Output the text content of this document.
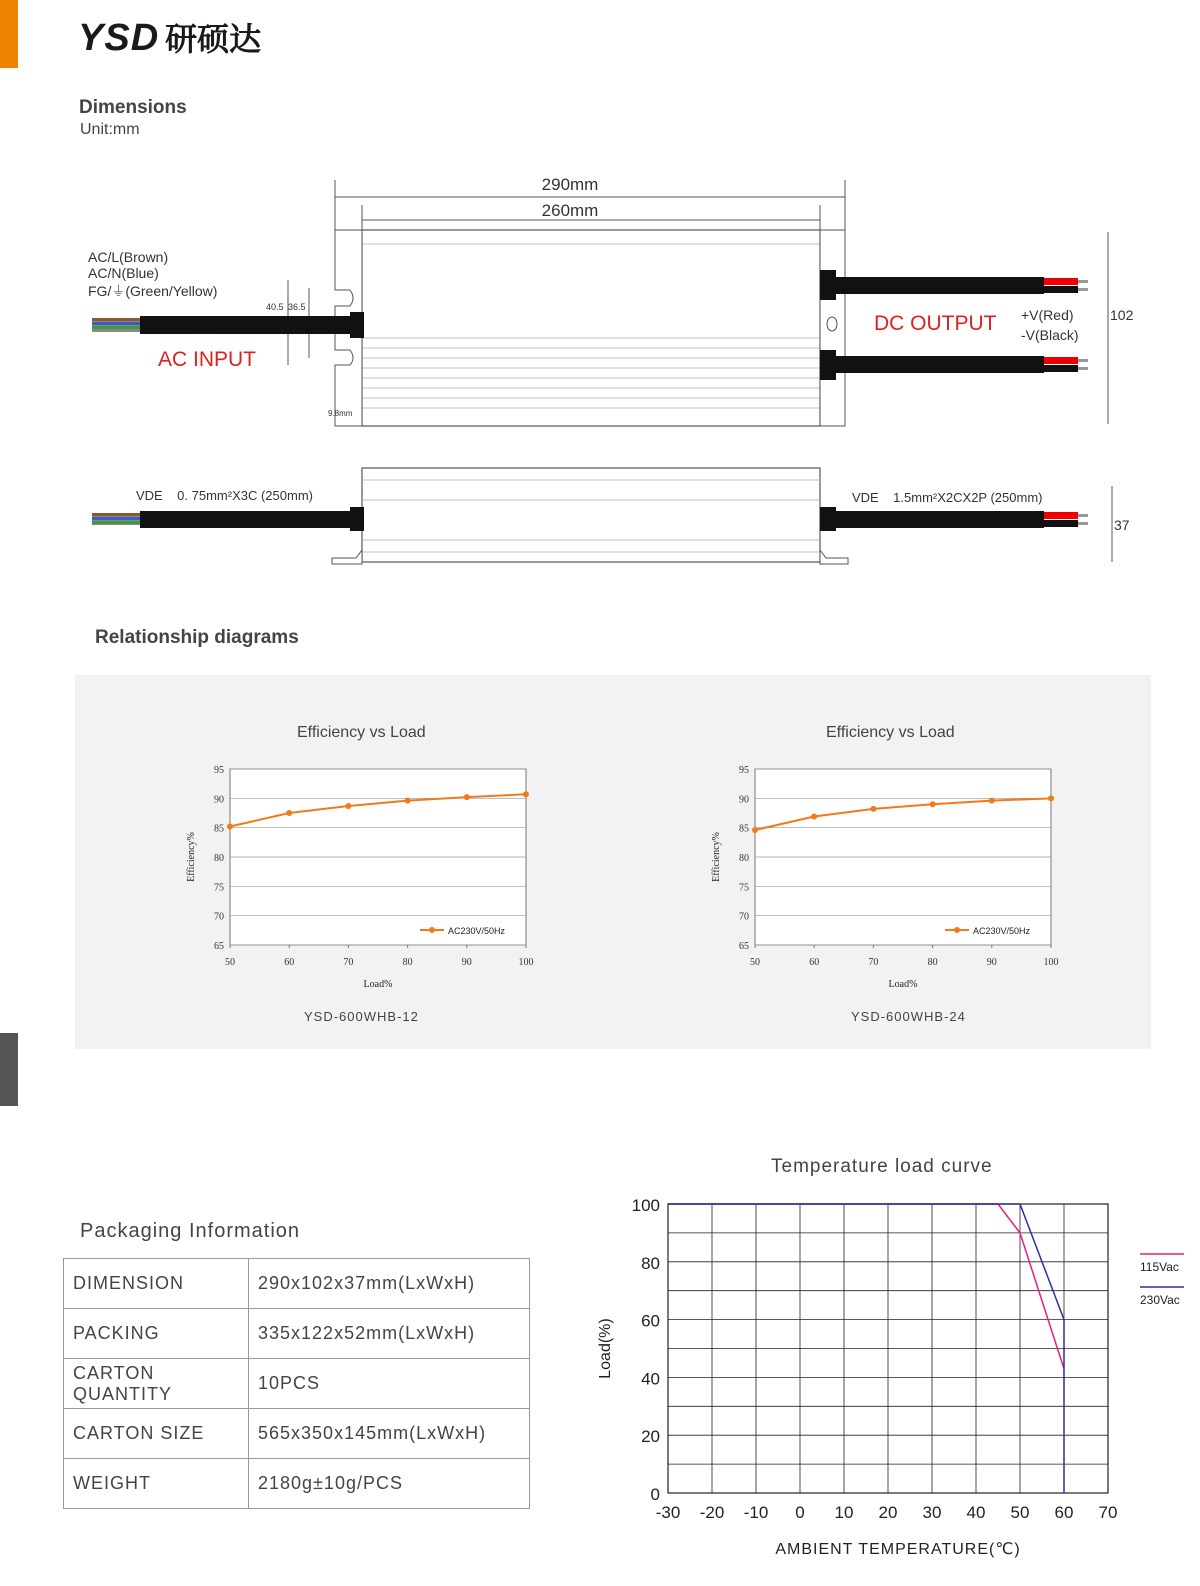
YSD 研硕达
Dimensions
Unit:mm
290mm
260mm
102
40.5 36.5
9.8mm
AC/L(Brown)
AC/N(Blue)
FG/⏚(Green/Yellow)
AC INPUT
DC OUTPUT +V(Red)
-V(Black)
37
VDE    0. 75mm²X3C (250mm)	VDE    1.5mm²X2CX2P (250mm)
Relationship diagrams
Efficiency vs Load	Efficiency vs Load
YSD-600WHB-12	YSD-600WHB-24
65
70
75
80
85
90
95
50	60	70	80	90	100
AC230V/50Hz
Load%
Efficiency%
65
70
75
80
85
90
95
50	60	70	80	90	100
AC230V/50Hz
Load%
Efficiency%
Packaging Information
DIMENSION	290x102x37mm(LxWxH)
PACKING	335x122x52mm(LxWxH)
CARTON QUANTITY	10PCS
CARTON SIZE	565x350x145mm(LxWxH)
WEIGHT	2180g±10g/PCS
Temperature load curve
0
20
40
60
80
100
-30 -20 -10 0 10 20 30 40 50 60 70
115Vac
230Vac
AMBIENT TEMPERATURE(℃)
Load(%)
